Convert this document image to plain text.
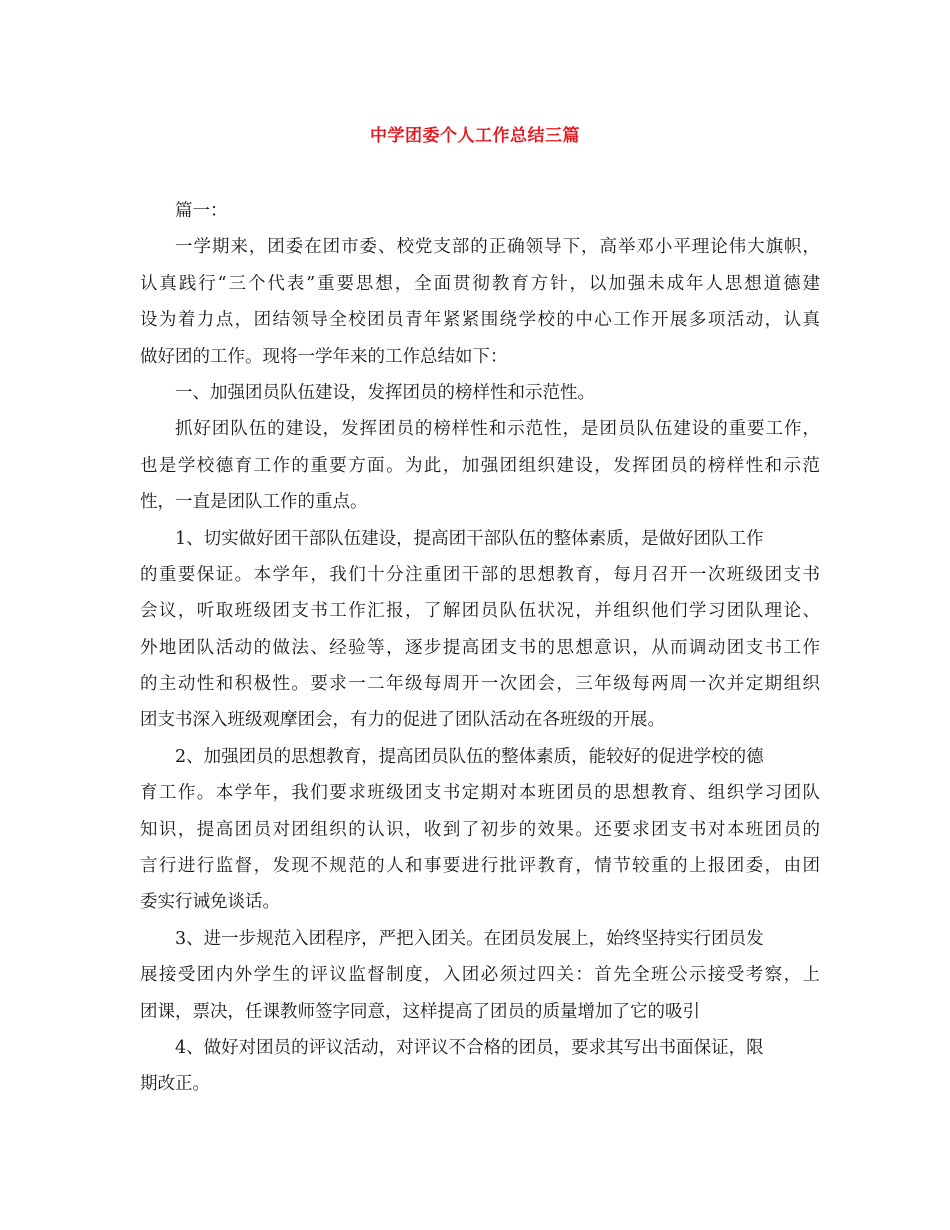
中学团委个人工作总结三篇
篇一：
一学期来，团委在团市委、校党支部的正确领导下，高举邓小平理论伟大旗帜，
认真践行“三个代表”重要思想，全面贯彻教育方针，以加强未成年人思想道德建
设为着力点，团结领导全校团员青年紧紧围绕学校的中心工作开展多项活动，认真
做好团的工作。现将一学年来的工作总结如下：
一、加强团员队伍建设，发挥团员的榜样性和示范性。
抓好团队伍的建设，发挥团员的榜样性和示范性，是团员队伍建设的重要工作，
也是学校德育工作的重要方面。为此，加强团组织建设，发挥团员的榜样性和示范
性，一直是团队工作的重点。
1、切实做好团干部队伍建设，提高团干部队伍的整体素质，是做好团队工作
的重要保证。本学年，我们十分注重团干部的思想教育，每月召开一次班级团支书
会议，听取班级团支书工作汇报，了解团员队伍状况，并组织他们学习团队理论、
外地团队活动的做法、经验等，逐步提高团支书的思想意识，从而调动团支书工作
的主动性和积极性。要求一二年级每周开一次团会，三年级每两周一次并定期组织
团支书深入班级观摩团会，有力的促进了团队活动在各班级的开展。
2、加强团员的思想教育，提高团员队伍的整体素质，能较好的促进学校的德
育工作。本学年，我们要求班级团支书定期对本班团员的思想教育、组织学习团队
知识，提高团员对团组织的认识，收到了初步的效果。还要求团支书对本班团员的
言行进行监督，发现不规范的人和事要进行批评教育，情节较重的上报团委，由团
委实行诫免谈话。
3、进一步规范入团程序，严把入团关。在团员发展上，始终坚持实行团员发
展接受团内外学生的评议监督制度，入团必须过四关：首先全班公示接受考察，上
团课，票决，任课教师签字同意，这样提高了团员的质量增加了它的吸引
4、做好对团员的评议活动，对评议不合格的团员，要求其写出书面保证，限
期改正。
